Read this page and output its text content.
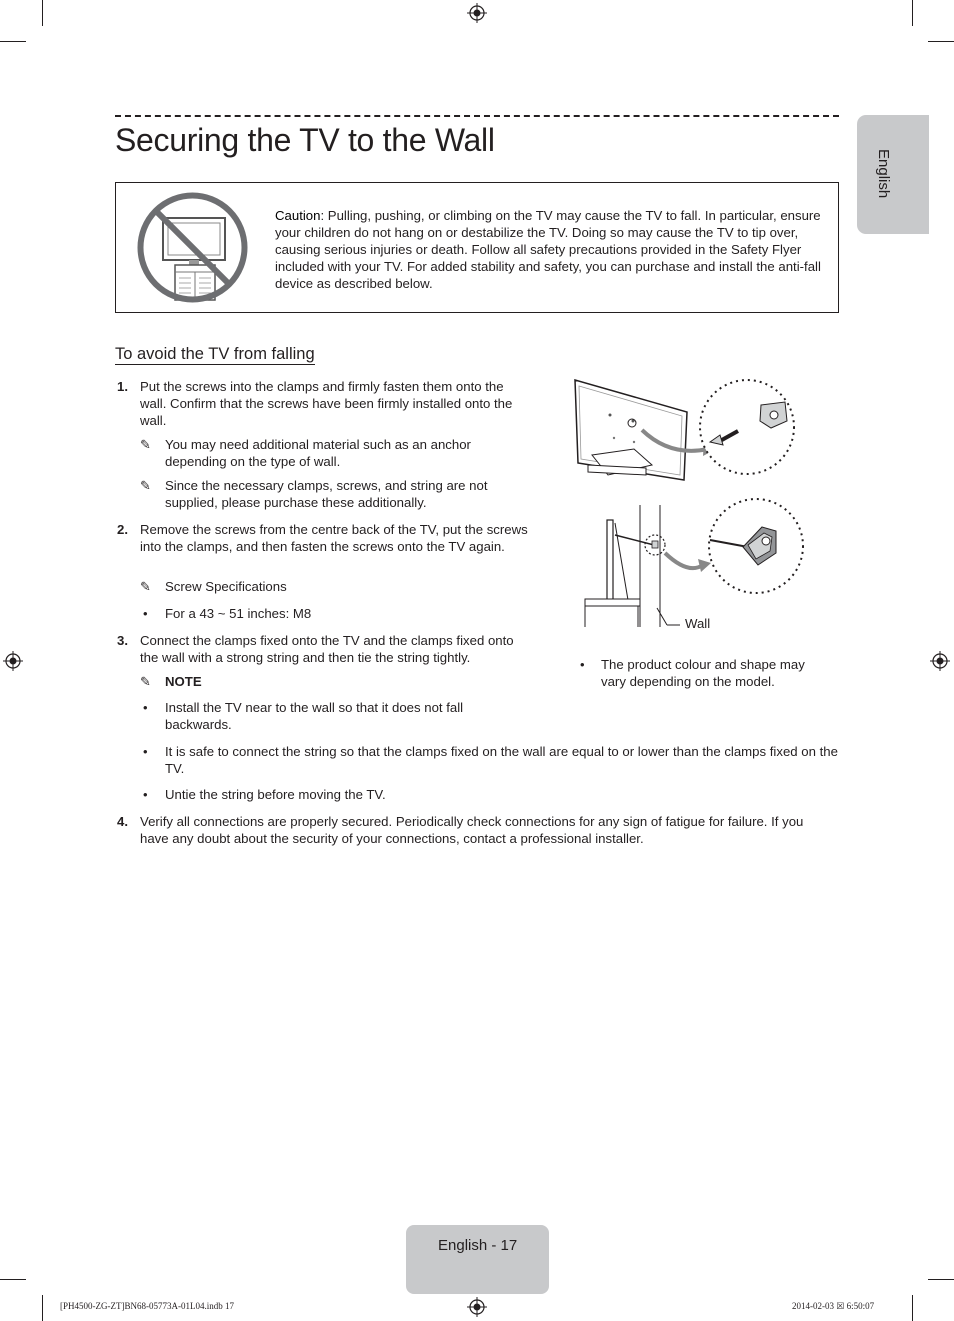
Securing the TV to the Wall
English

Caution: Pulling, pushing, or climbing on the TV may cause the TV to fall. In particular, ensure your children do not hang on or destabilize the TV. Doing so may cause the TV to tip over, causing serious injuries or death. Follow all safety precautions provided in the Safety Flyer included with your TV. For added stability and safety, you can purchase and install the anti-fall device as described below.

To avoid the TV from falling
1. Put the screws into the clamps and firmly fasten them onto the wall. Confirm that the screws have been firmly installed onto the wall.
✎ You may need additional material such as an anchor depending on the type of wall.
✎ Since the necessary clamps, screws, and string are not supplied, please purchase these additionally.
2. Remove the screws from the centre back of the TV, put the screws into the clamps, and then fasten the screws onto the TV again.
✎ Screw Specifications
• For a 43 ~ 51 inches: M8
3. Connect the clamps fixed onto the TV and the clamps fixed onto the wall with a strong string and then tie the string tightly.
✎ NOTE
• Install the TV near to the wall so that it does not fall backwards.
• It is safe to connect the string so that the clamps fixed on the wall are equal to or lower than the clamps fixed on the TV.
• Untie the string before moving the TV.
4. Verify all connections are properly secured. Periodically check connections for any sign of fatigue for failure. If you have any doubt about the security of your connections, contact a professional installer.
Wall
• The product colour and shape may vary depending on the model.
English - 17
[PH4500-ZG-ZT]BN68-05773A-01L04.indb 17	2014-02-03 ☒ 6:50:07
